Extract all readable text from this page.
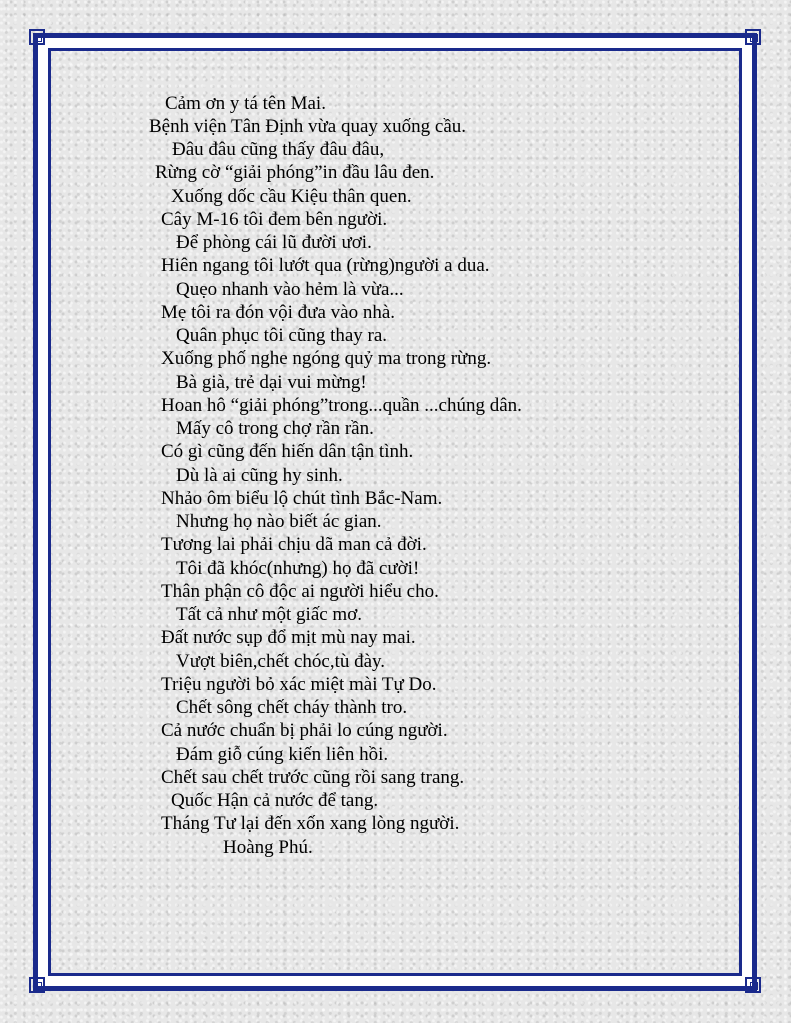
Cảm ơn y tá tên Mai.
Bệnh viện Tân Định vừa quay xuống cầu.
Đâu đâu cũng thấy đâu đâu,
Rừng cờ “giải phóng”in đầu lâu đen.
Xuống dốc cầu Kiệu thân quen.
Cây M-16 tôi đem bên người.
Để phòng cái lũ đười ươi.
Hiên ngang tôi lướt qua (rừng)người a dua.
Quẹo nhanh vào hẻm là vừa...
Mẹ tôi ra đón vội đưa vào nhà.
Quân phục tôi cũng thay ra.
Xuống phố nghe ngóng quỷ ma trong rừng.
Bà già, trẻ dại vui mừng!
Hoan hô “giải phóng”trong...quần ...chúng dân.
Mấy cô trong chợ rần rần.
Có gì cũng đến hiến dân tận tình.
Dù là ai cũng hy sinh.
Nhảo ôm biểu lộ chút tình Bắc-Nam.
Nhưng họ nào biết ác gian.
Tương lai phải chịu dã man cả đời.
Tôi đã khóc(nhưng) họ đã cười!
Thân phận cô độc ai người hiểu cho.
Tất cả như một giấc mơ.
Đất nước sụp đổ mịt mù nay mai.
Vượt biên,chết chóc,tù đày.
Triệu người bỏ xác miệt mài Tự Do.
Chết sông chết cháy thành tro.
Cả nước chuẩn bị phải lo cúng người.
Đám giỗ cúng kiến liên hồi.
Chết sau chết trước cũng rồi sang trang.
Quốc Hận cả nước để tang.
Tháng Tư lại đến xốn xang lòng người.
Hoàng Phú.
